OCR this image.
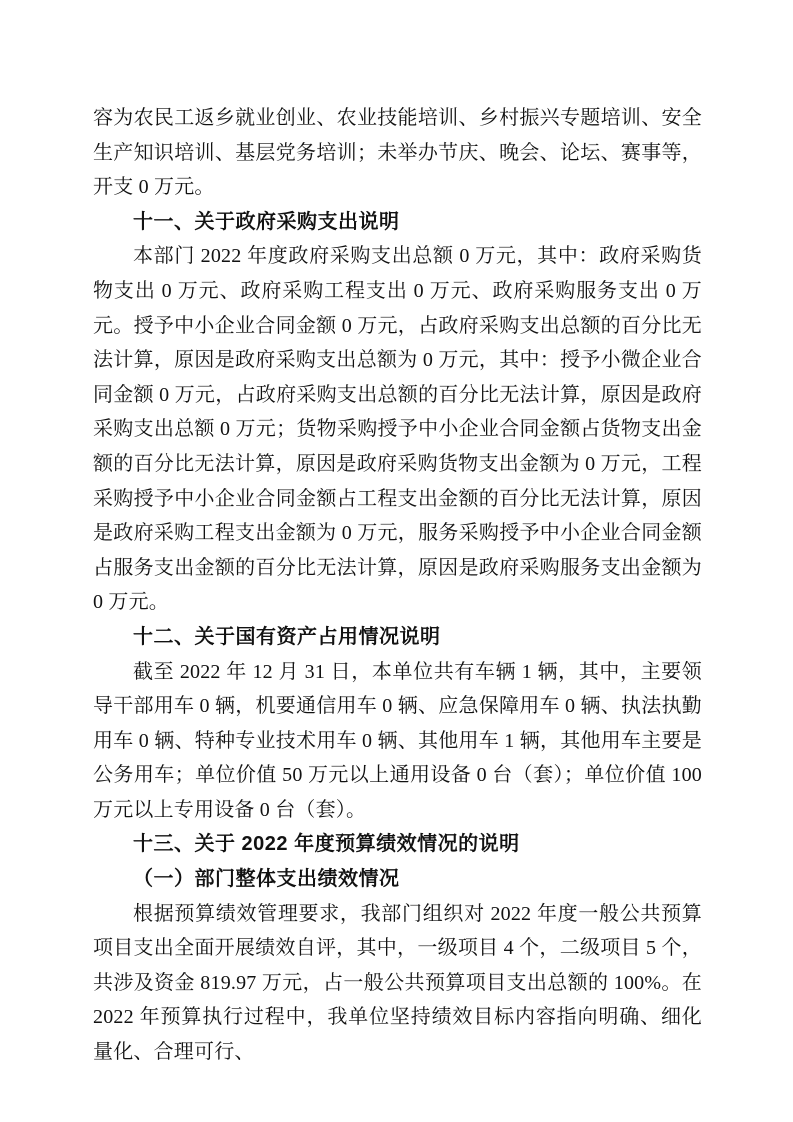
容为农民工返乡就业创业、农业技能培训、乡村振兴专题培训、安全生产知识培训、基层党务培训；未举办节庆、晚会、论坛、赛事等，开支 0 万元。

十一、关于政府采购支出说明

本部门 2022 年度政府采购支出总额 0 万元，其中：政府采购货物支出 0 万元、政府采购工程支出 0 万元、政府采购服务支出 0 万元。授予中小企业合同金额 0 万元，占政府采购支出总额的百分比无法计算，原因是政府采购支出总额为 0 万元，其中：授予小微企业合同金额 0 万元，占政府采购支出总额的百分比无法计算，原因是政府采购支出总额 0 万元；货物采购授予中小企业合同金额占货物支出金额的百分比无法计算，原因是政府采购货物支出金额为 0 万元，工程采购授予中小企业合同金额占工程支出金额的百分比无法计算，原因是政府采购工程支出金额为 0 万元，服务采购授予中小企业合同金额占服务支出金额的百分比无法计算，原因是政府采购服务支出金额为 0 万元。

十二、关于国有资产占用情况说明

截至 2022 年 12 月 31 日，本单位共有车辆 1 辆，其中，主要领导干部用车 0 辆，机要通信用车 0 辆、应急保障用车 0 辆、执法执勤用车 0 辆、特种专业技术用车 0 辆、其他用车 1 辆，其他用车主要是公务用车；单位价值 50 万元以上通用设备 0 台（套）；单位价值 100 万元以上专用设备 0 台（套）。

十三、关于 2022 年度预算绩效情况的说明

（一）部门整体支出绩效情况

根据预算绩效管理要求，我部门组织对 2022 年度一般公共预算项目支出全面开展绩效自评，其中，一级项目 4 个，二级项目 5 个，共涉及资金 819.97 万元，占一般公共预算项目支出总额的 100%。在 2022 年预算执行过程中，我单位坚持绩效目标内容指向明确、细化量化、合理可行、
